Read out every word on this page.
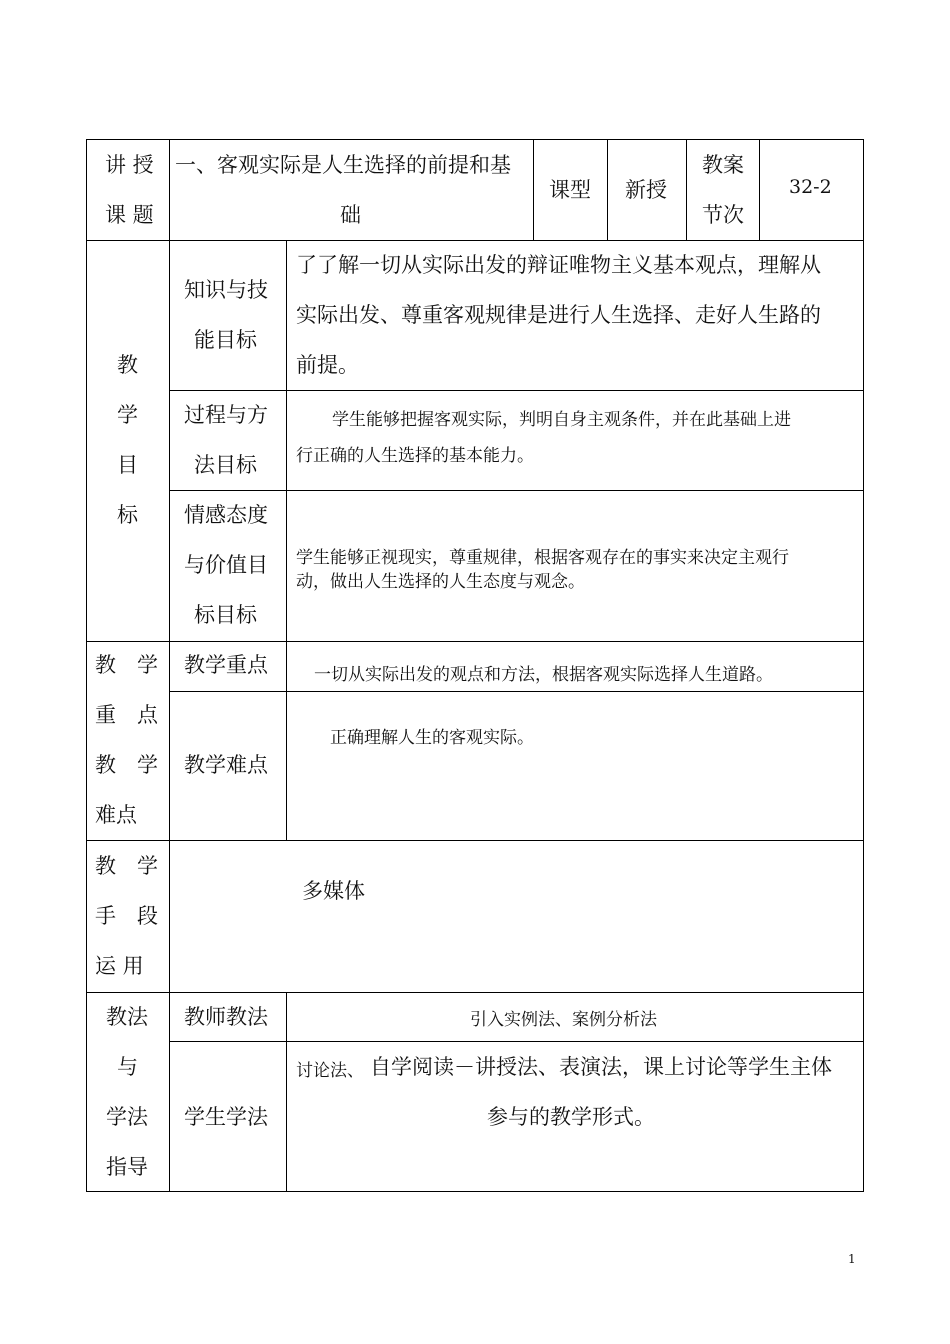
讲 授
课 题
一、客观实际是人生选择的前提和基
础
课型 新授
教案
节次
32-2
教
学
目
标
知识与技
能目标
了了解一切从实际出发的辩证唯物主义基本观点，理解从
实际出发、尊重客观规律是进行人生选择、走好人生路的
前提。
过程与方
法目标
学生能够把握客观实际，判明自身主观条件，并在此基础上进
行正确的人生选择的基本能力。
情感态度
与价值目
标目标
学生能够正视现实，尊重规律，根据客观存在的事实来决定主观行
动，做出人生选择的人生态度与观念。
教　学
重　点
教　学
难点
教学重点	一切从实际出发的观点和方法，根据客观实际选择人生道路。
教学难点
正确理解人生的客观实际。
教　学
手　段
运 用
多媒体
教法
与
学法
指导
教师教法	引入实例法、案例分析法
学生学法
讨论法、 自学阅读－讲授法、表演法，课上讨论等学生主体
参与的教学形式。
1
